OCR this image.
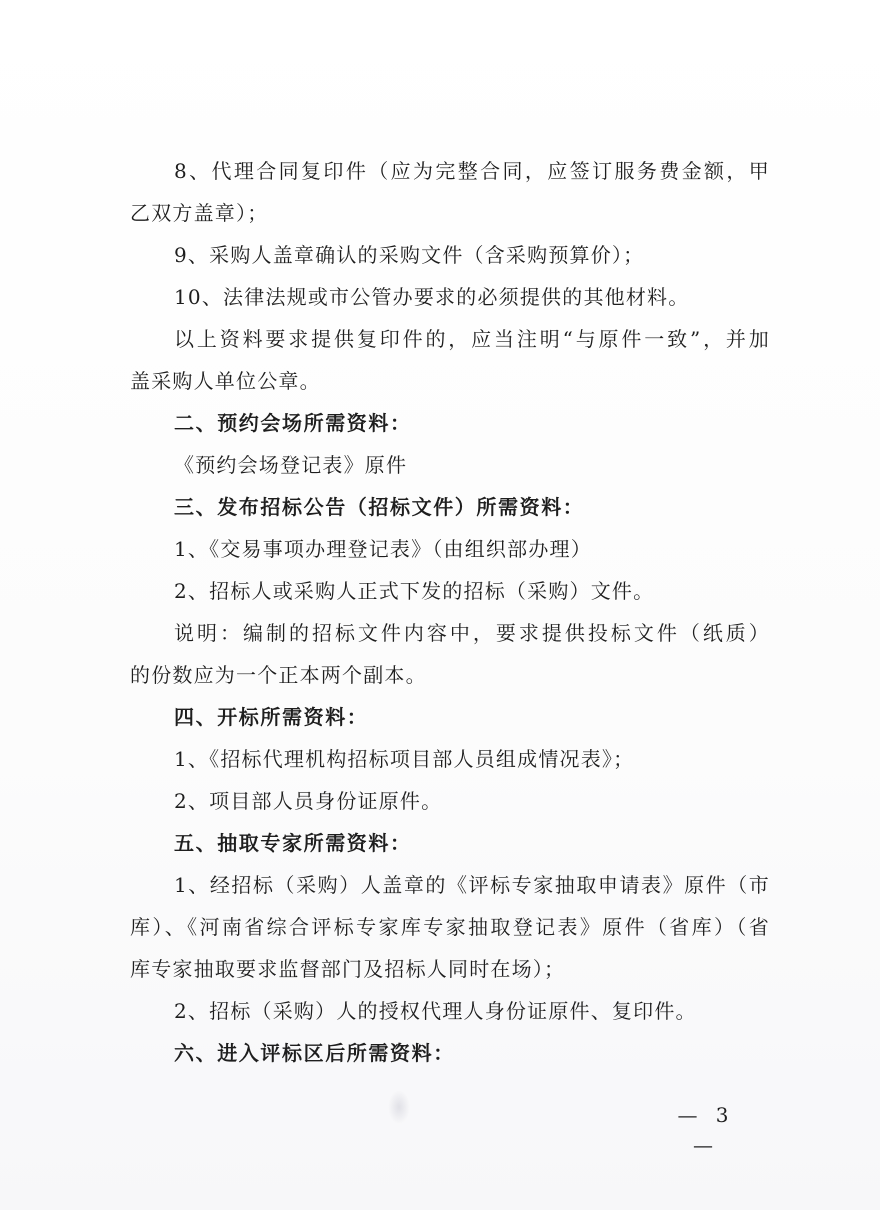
8、代理合同复印件（应为完整合同，应签订服务费金额，甲
乙双方盖章）；
9、采购人盖章确认的采购文件（含采购预算价）；
10、法律法规或市公管办要求的必须提供的其他材料。
以上资料要求提供复印件的，应当注明“与原件一致”，并加
盖采购人单位公章。
二、预约会场所需资料：
《预约会场登记表》原件
三、发布招标公告（招标文件）所需资料：
1、《交易事项办理登记表》（由组织部办理）
2、招标人或采购人正式下发的招标（采购）文件。
说明：编制的招标文件内容中，要求提供投标文件（纸质）
的份数应为一个正本两个副本。
四、开标所需资料：
1、《招标代理机构招标项目部人员组成情况表》；
2、项目部人员身份证原件。
五、抽取专家所需资料：
1、经招标（采购）人盖章的《评标专家抽取申请表》原件（市
库）、《河南省综合评标专家库专家抽取登记表》原件（省库）（省
库专家抽取要求监督部门及招标人同时在场）；
2、招标（采购）人的授权代理人身份证原件、复印件。
六、进入评标区后所需资料：
— 3 —
